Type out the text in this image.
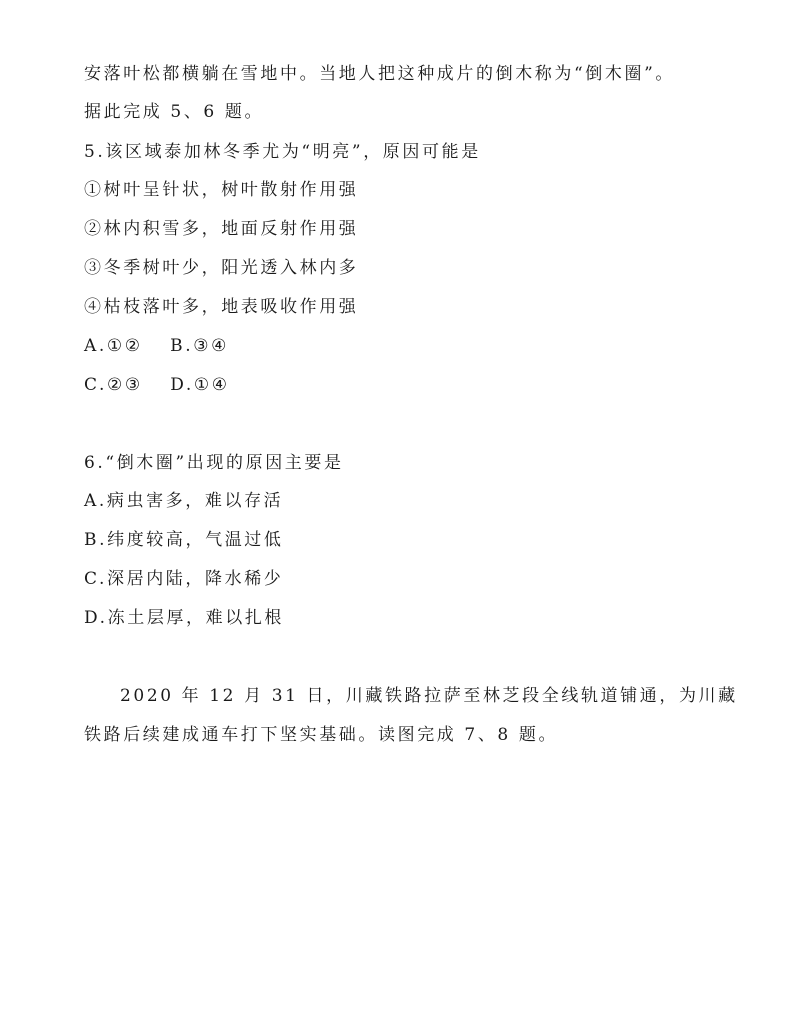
安落叶松都横躺在雪地中。当地人把这种成片的倒木称为“倒木圈”。
据此完成 5、6 题。
5.该区域泰加林冬季尤为“明亮”，原因可能是
①树叶呈针状，树叶散射作用强
②林内积雪多，地面反射作用强
③冬季树叶少，阳光透入林内多
④枯枝落叶多，地表吸收作用强
A.①②　 B.③④
C.②③　 D.①④
6.“倒木圈”出现的原因主要是
A.病虫害多，难以存活
B.纬度较高，气温过低
C.深居内陆，降水稀少
D.冻土层厚，难以扎根
2020 年 12 月 31 日，川藏铁路拉萨至林芝段全线轨道铺通，为川藏
铁路后续建成通车打下坚实基础。读图完成 7、8 题。
